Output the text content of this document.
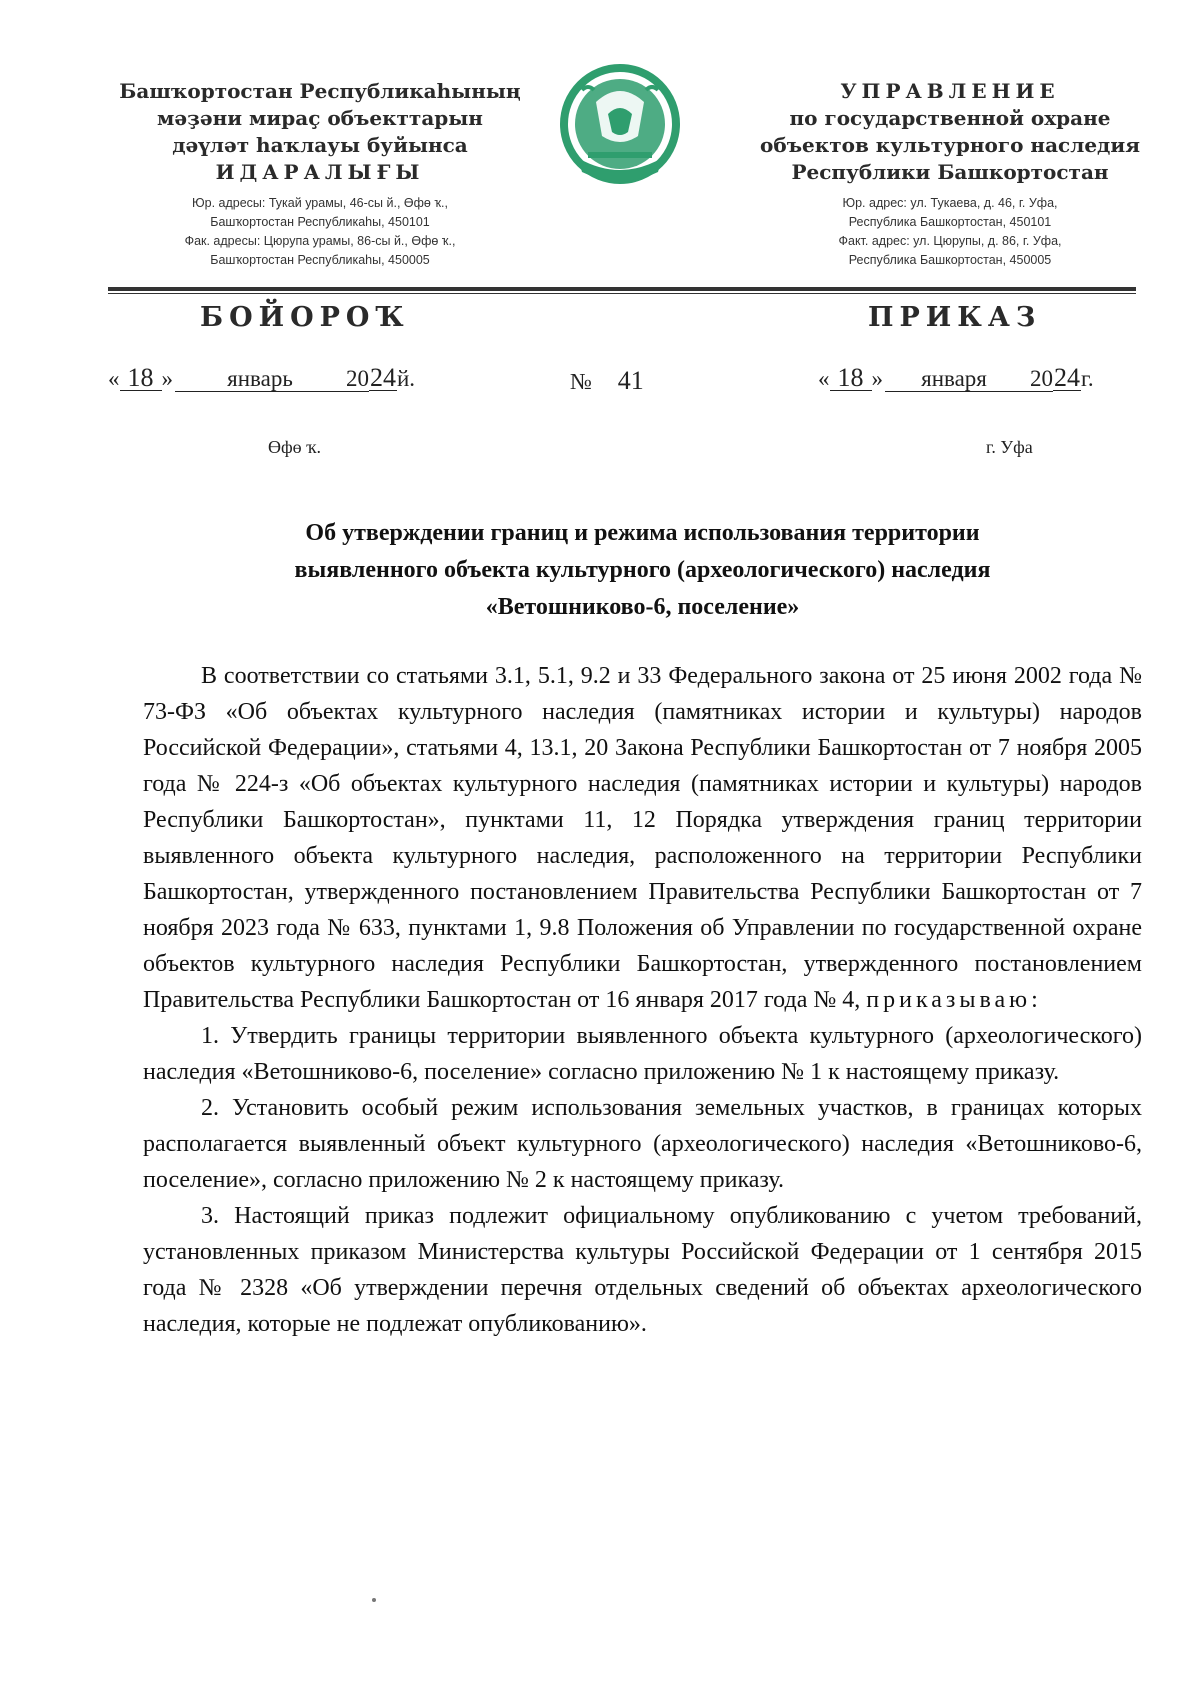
Башҡортостан Республикаһының
мәҙәни мираҫ объекттарын
дәүләт һаҡлауы буйынса
ИДАРАЛЫҒЫ
Юр. адресы: Тукай урамы, 46-сы й., Өфө ҡ.,
Башҡортостан Республикаһы, 450101
Фак. адресы: Цюрупа урамы, 86-сы й., Өфө ҡ.,
Башҡортостан Республикаһы, 450005
УПРАВЛЕНИЕ
по государственной охране
объектов культурного наследия
Республики Башкортостан
Юр. адрес: ул. Тукаева, д. 46, г. Уфа,
Республика Башкортостан, 450101
Факт. адрес: ул. Цюрупы, д. 86, г. Уфа,
Республика Башкортостан, 450005
БОЙОРОҠ	ПРИКАЗ
« 18 » январь 2024й.	№ 41	« 18 » января 2024г.
Өфө ҡ.	г. Уфа
Об утверждении границ и режима использования территории
выявленного объекта культурного (археологического) наследия
«Ветошниково-6, поселение»

В соответствии со статьями 3.1, 5.1, 9.2 и 33 Федерального закона от 25 июня 2002 года № 73-ФЗ «Об объектах культурного наследия (памятниках истории и культуры) народов Российской Федерации», статьями 4, 13.1, 20 Закона Республики Башкортостан от 7 ноября 2005 года № 224-з «Об объектах культурного наследия (памятниках истории и культуры) народов Республики Башкортостан», пунктами 11, 12 Порядка утверждения границ территории выявленного объекта культурного наследия, расположенного на территории Республики Башкортостан, утвержденного постановлением Правительства Республики Башкортостан от 7 ноября 2023 года № 633, пунктами 1, 9.8 Положения об Управлении по государственной охране объектов культурного наследия Республики Башкортостан, утвержденного постановлением Правительства Республики Башкортостан от 16 января 2017 года № 4, приказываю:

1. Утвердить границы территории выявленного объекта культурного (археологического) наследия «Ветошниково-6, поселение» согласно приложению № 1 к настоящему приказу.

2. Установить особый режим использования земельных участков, в границах которых располагается выявленный объект культурного (археологического) наследия «Ветошниково-6, поселение», согласно приложению № 2 к настоящему приказу.

3. Настоящий приказ подлежит официальному опубликованию с учетом требований, установленных приказом Министерства культуры Российской Федерации от 1 сентября 2015 года № 2328 «Об утверждении перечня отдельных сведений об объектах археологического наследия, которые не подлежат опубликованию».
